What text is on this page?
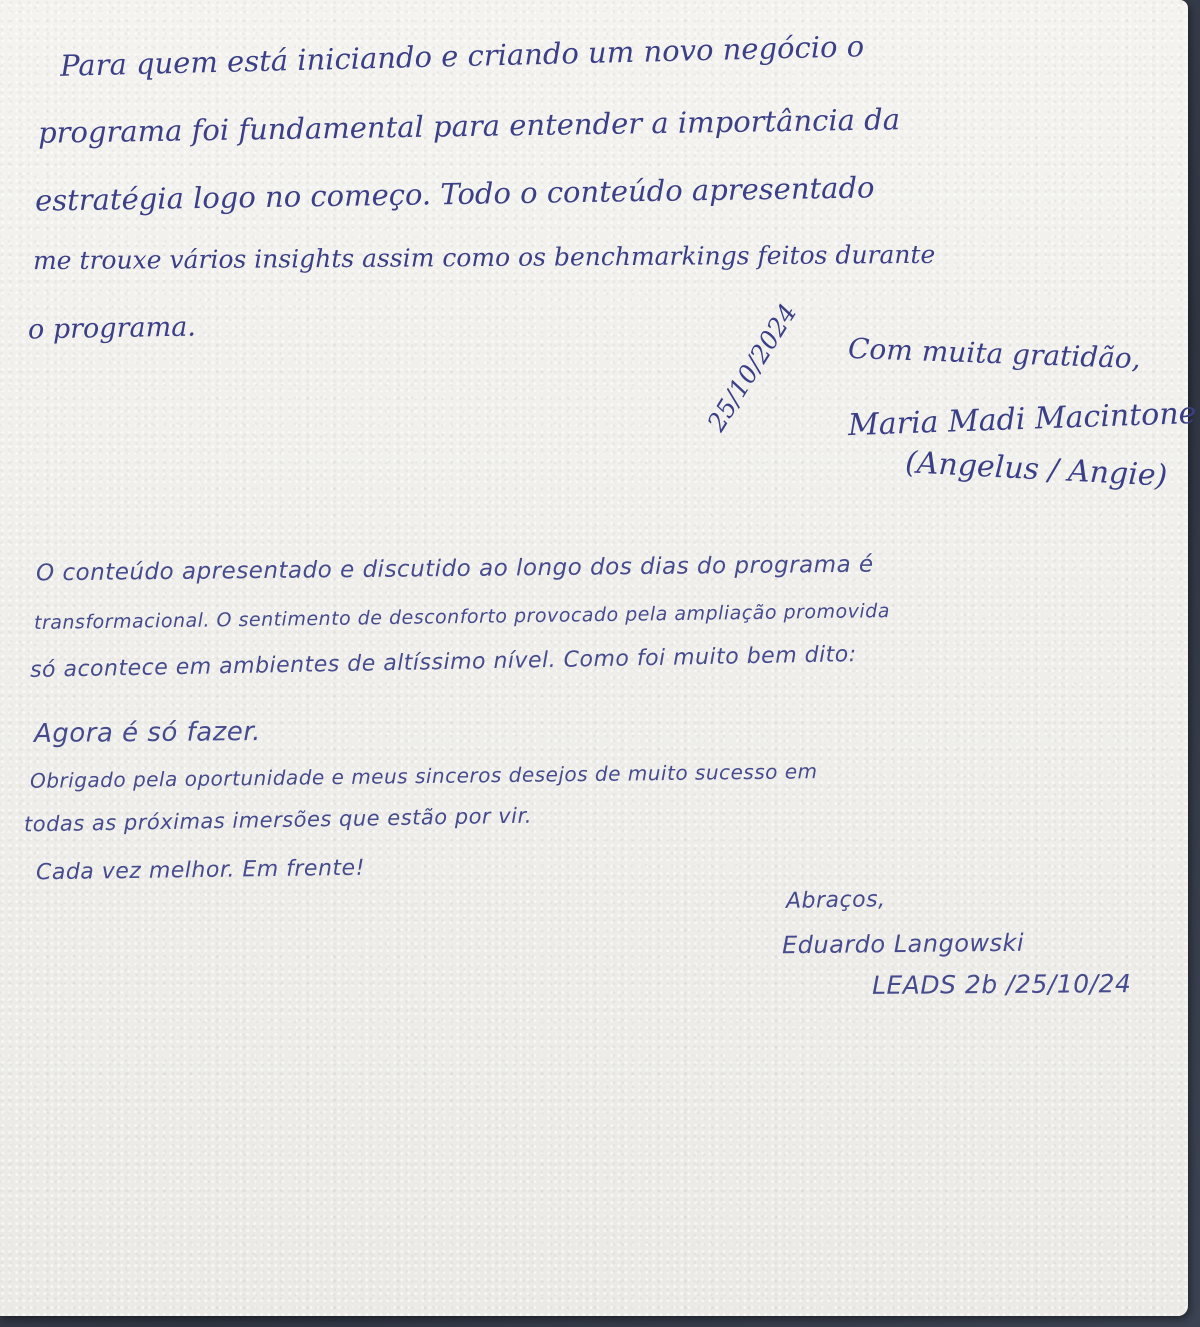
Para quem está iniciando e criando um novo negócio o

programa foi fundamental para entender a importância da

estratégia logo no começo. Todo o conteúdo apresentado

me trouxe vários insights assim como os benchmarkings feitos durante

o programa.	25/10/2024 Com muita gratidão,

Maria Madi Macintone

(Angelus / Angie)

O conteúdo apresentado e discutido ao longo dos dias do programa é

transformacional. O sentimento de desconforto provocado pela ampliação promovida

só acontece em ambientes de altíssimo nível. Como foi muito bem dito:

Agora é só fazer.

Obrigado pela oportunidade e meus sinceros desejos de muito sucesso em

todas as próximas imersões que estão por vir.

Cada vez melhor. Em frente!

Abraços,

Eduardo Langowski

LEADS 2b /25/10/24
